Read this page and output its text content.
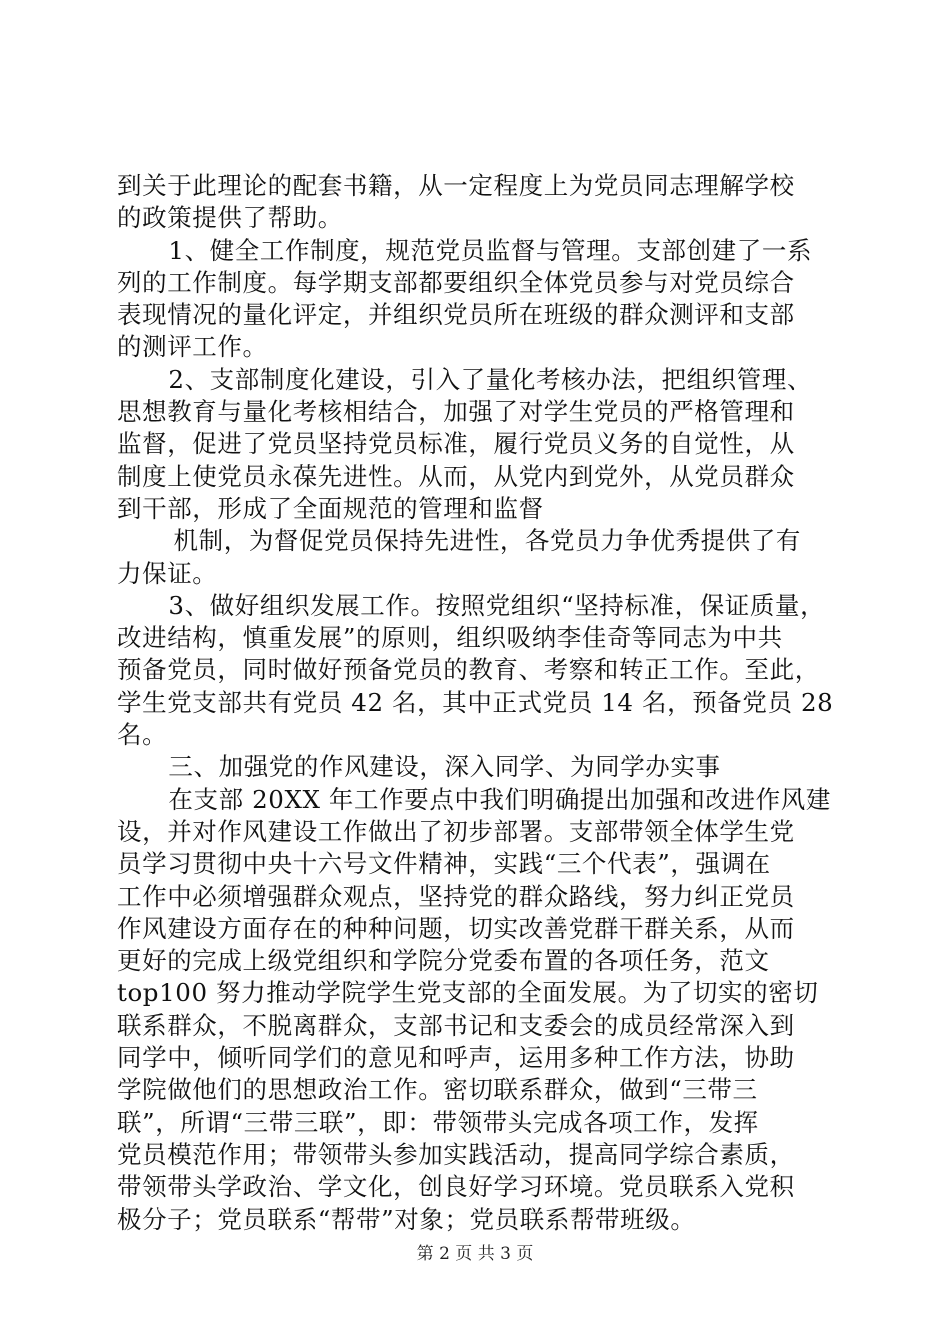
到关于此理论的配套书籍，从一定程度上为党员同志理解学校
的政策提供了帮助。
1、健全工作制度，规范党员监督与管理。支部创建了一系
列的工作制度。每学期支部都要组织全体党员参与对党员综合
表现情况的量化评定，并组织党员所在班级的群众测评和支部
的测评工作。
2、支部制度化建设，引入了量化考核办法，把组织管理、
思想教育与量化考核相结合，加强了对学生党员的严格管理和
监督，促进了党员坚持党员标准，履行党员义务的自觉性，从
制度上使党员永葆先进性。从而，从党内到党外，从党员群众
到干部，形成了全面规范的管理和监督
机制，为督促党员保持先进性，各党员力争优秀提供了有
力保证。
3、做好组织发展工作。按照党组织“坚持标准，保证质量，
改进结构，慎重发展”的原则，组织吸纳李佳奇等同志为中共
预备党员，同时做好预备党员的教育、考察和转正工作。至此，
学生党支部共有党员 42 名，其中正式党员 14 名，预备党员 28
名。
三、加强党的作风建设，深入同学、为同学办实事
在支部 20XX 年工作要点中我们明确提出加强和改进作风建
设，并对作风建设工作做出了初步部署。支部带领全体学生党
员学习贯彻中央十六号文件精神，实践“三个代表”，强调在
工作中必须增强群众观点，坚持党的群众路线，努力纠正党员
作风建设方面存在的种种问题，切实改善党群干群关系，从而
更好的完成上级党组织和学院分党委布置的各项任务，范文
top100 努力推动学院学生党支部的全面发展。为了切实的密切
联系群众，不脱离群众，支部书记和支委会的成员经常深入到
同学中，倾听同学们的意见和呼声，运用多种工作方法，协助
学院做他们的思想政治工作。密切联系群众，做到“三带三
联”，所谓“三带三联”，即：带领带头完成各项工作，发挥
党员模范作用；带领带头参加实践活动，提高同学综合素质，
带领带头学政治、学文化，创良好学习环境。党员联系入党积
极分子；党员联系“帮带”对象；党员联系帮带班级。
第 2 页 共 3 页
